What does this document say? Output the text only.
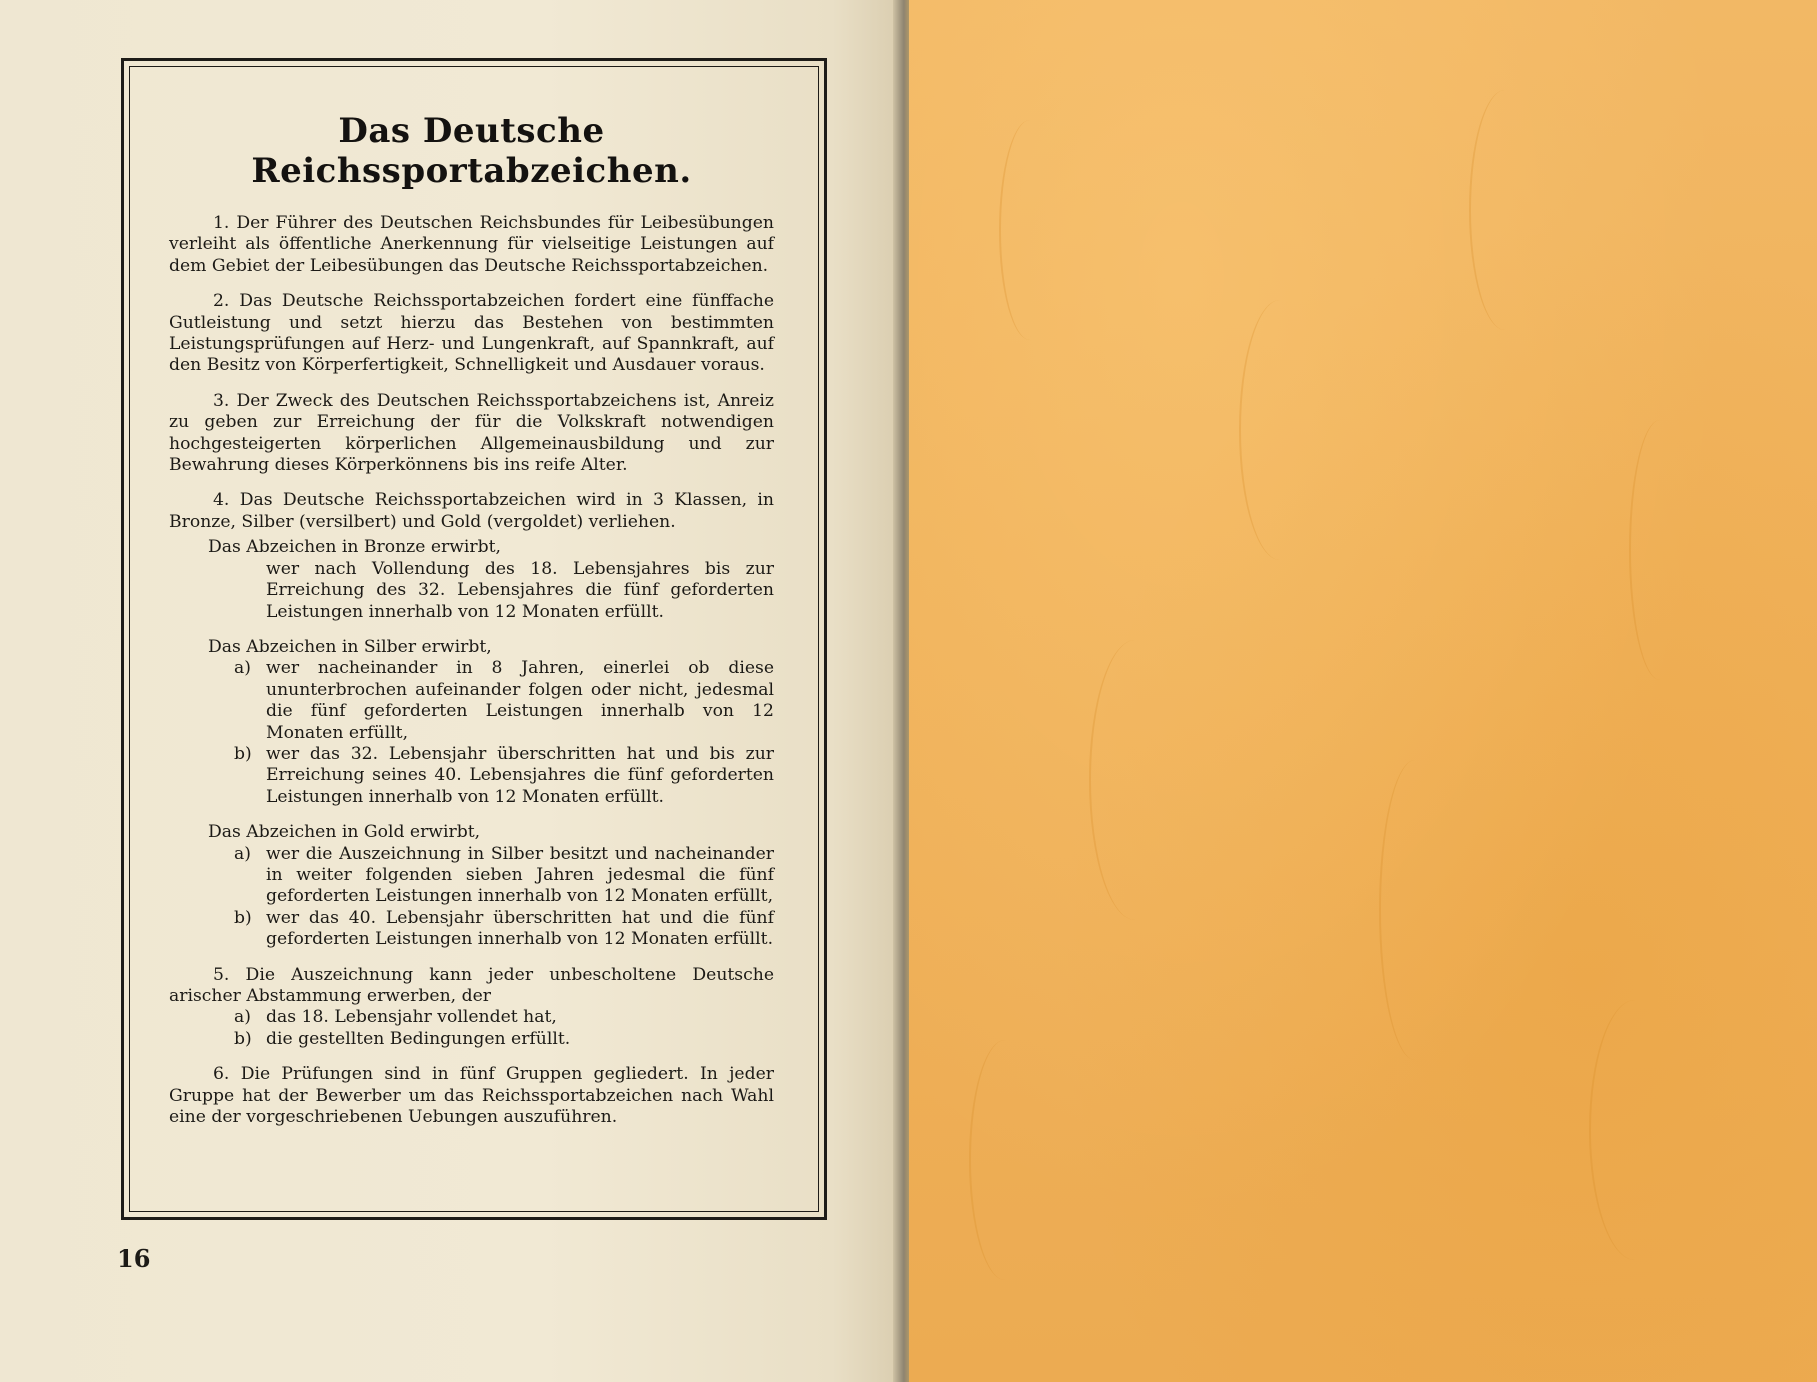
Das Deutsche Reichssportabzeichen.

1. Der Führer des Deutschen Reichsbundes für Leibesübungen verleiht als öffentliche Anerkennung für vielseitige Leistungen auf dem Gebiet der Leibesübungen das Deutsche Reichssportabzeichen.

2. Das Deutsche Reichssportabzeichen fordert eine fünffache Gutleistung und setzt hierzu das Bestehen von bestimmten Leistungsprüfungen auf Herz- und Lungenkraft, auf Spannkraft, auf den Besitz von Körperfertigkeit, Schnelligkeit und Ausdauer voraus.

3. Der Zweck des Deutschen Reichssportabzeichens ist, Anreiz zu geben zur Erreichung der für die Volkskraft notwendigen hochgesteigerten körperlichen Allgemeinausbildung und zur Bewahrung dieses Körperkönnens bis ins reife Alter.

4. Das Deutsche Reichssportabzeichen wird in 3 Klassen, in Bronze, Silber (versilbert) und Gold (vergoldet) verliehen.

Das Abzeichen in Bronze erwirbt,
wer nach Vollendung des 18. Lebensjahres bis zur Erreichung des 32. Lebensjahres die fünf geforderten Leistungen innerhalb von 12 Monaten erfüllt.
Das Abzeichen in Silber erwirbt,
a) wer nacheinander in 8 Jahren, einerlei ob diese ununterbrochen aufeinander folgen oder nicht, jedesmal die fünf geforderten Leistungen innerhalb von 12 Monaten erfüllt,
b) wer das 32. Lebensjahr überschritten hat und bis zur Erreichung seines 40. Lebensjahres die fünf geforderten Leistungen innerhalb von 12 Monaten erfüllt.
Das Abzeichen in Gold erwirbt,
a) wer die Auszeichnung in Silber besitzt und nacheinander in weiter folgenden sieben Jahren jedesmal die fünf geforderten Leistungen innerhalb von 12 Monaten erfüllt,
b) wer das 40. Lebensjahr überschritten hat und die fünf geforderten Leistungen innerhalb von 12 Monaten erfüllt.

5. Die Auszeichnung kann jeder unbescholtene Deutsche arischer Abstammung erwerben, der

a) das 18. Lebensjahr vollendet hat,
b) die gestellten Bedingungen erfüllt.

6. Die Prüfungen sind in fünf Gruppen gegliedert. In jeder Gruppe hat der Bewerber um das Reichssportabzeichen nach Wahl eine der vorgeschriebenen Uebungen auszuführen.

16
